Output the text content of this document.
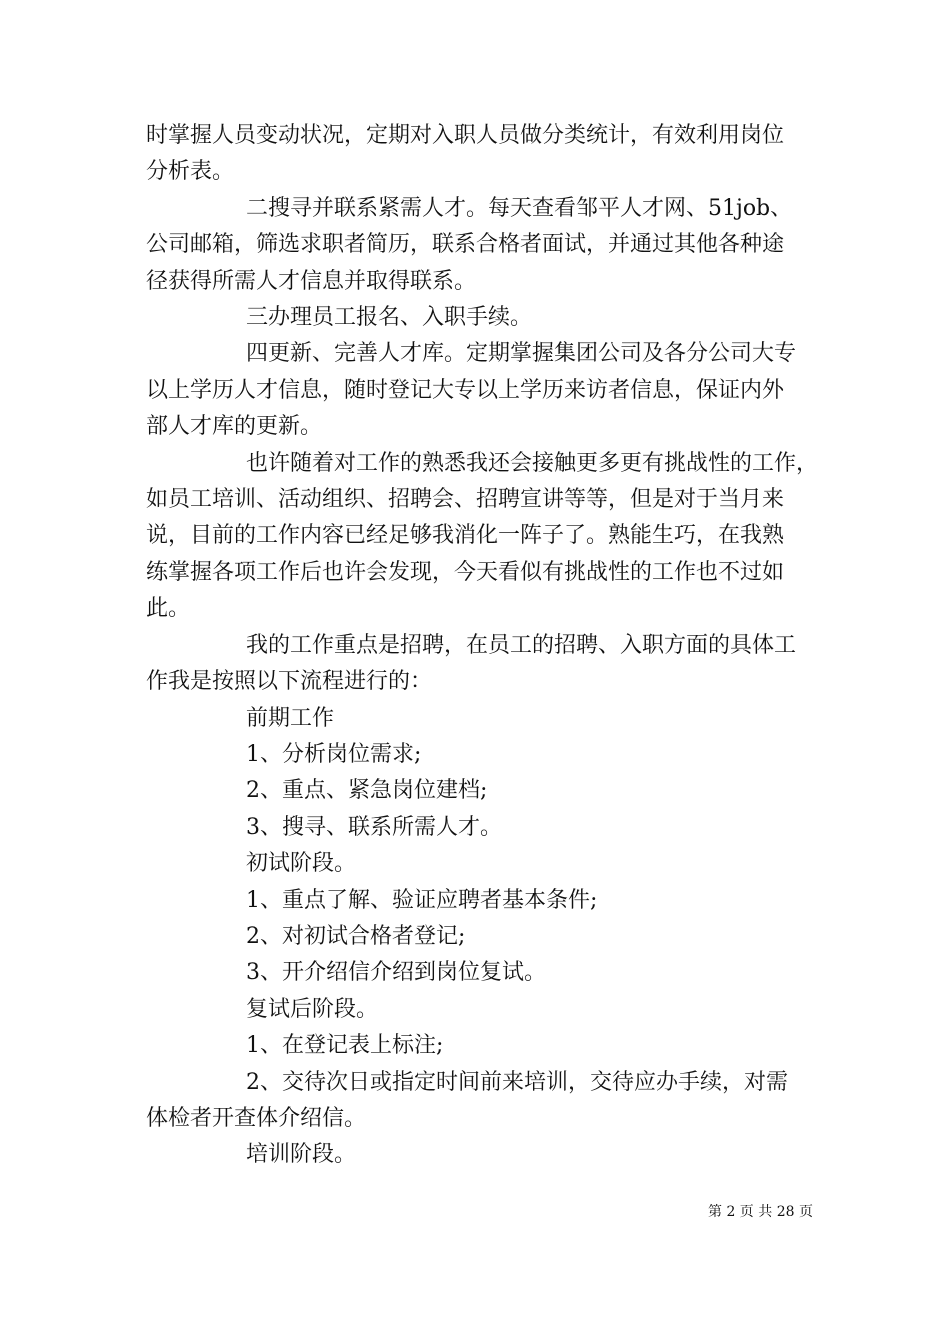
时掌握人员变动状况，定期对入职人员做分类统计，有效利用岗位

分析表。

二搜寻并联系紧需人才。每天查看邹平人才网、51job、

公司邮箱，筛选求职者简历，联系合格者面试，并通过其他各种途

径获得所需人才信息并取得联系。

三办理员工报名、入职手续。

四更新、完善人才库。定期掌握集团公司及各分公司大专

以上学历人才信息，随时登记大专以上学历来访者信息，保证内外

部人才库的更新。

也许随着对工作的熟悉我还会接触更多更有挑战性的工作，

如员工培训、活动组织、招聘会、招聘宣讲等等，但是对于当月来

说，目前的工作内容已经足够我消化一阵子了。熟能生巧，在我熟

练掌握各项工作后也许会发现，今天看似有挑战性的工作也不过如

此。

我的工作重点是招聘，在员工的招聘、入职方面的具体工

作我是按照以下流程进行的：

前期工作

1、分析岗位需求;

2、重点、紧急岗位建档;

3、搜寻、联系所需人才。

初试阶段。

1、重点了解、验证应聘者基本条件;

2、对初试合格者登记;

3、开介绍信介绍到岗位复试。

复试后阶段。

1、在登记表上标注;

2、交待次日或指定时间前来培训，交待应办手续，对需

体检者开查体介绍信。

培训阶段。

第 2 页 共 28 页
